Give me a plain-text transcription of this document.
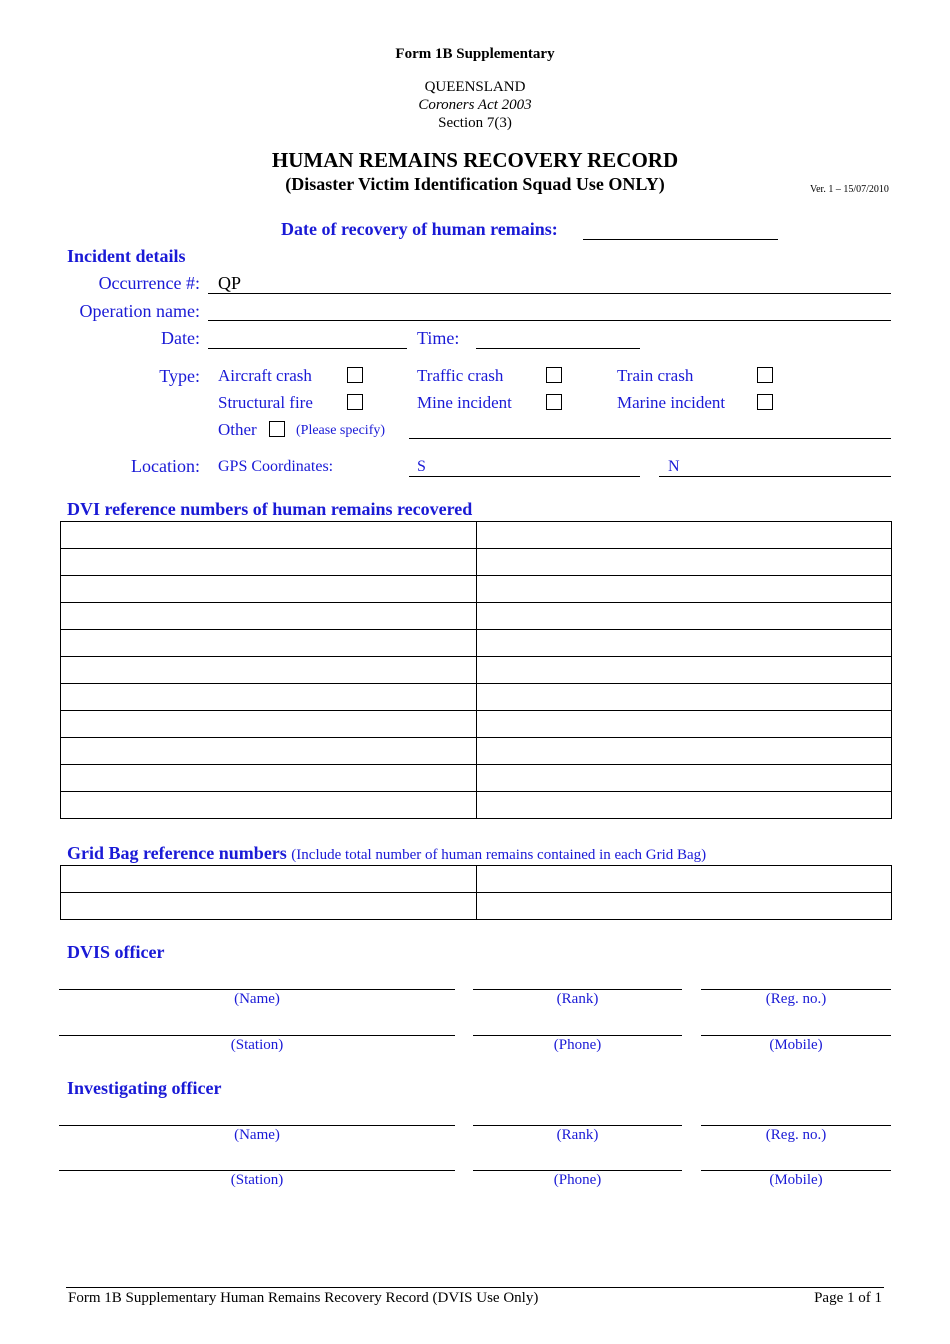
Form 1B Supplementary
QUEENSLAND
Coroners Act 2003
Section 7(3)
HUMAN REMAINS RECOVERY RECORD
(Disaster Victim Identification Squad Use ONLY)	Ver. 1 – 15/07/2010
Date of recovery of human remains:
Incident details
Occurrence #: QP
Operation name:
Date:	Time:
Type: Aircraft crash	Traffic crash	Train crash
Structural fire	Mine incident	Marine incident
Other	(Please specify)
Location: GPS Coordinates:	S	N
DVI reference numbers of human remains recovered

Grid Bag reference numbers (Include total number of human remains contained in each Grid Bag)

DVIS officer
(Name)	(Rank)	(Reg. no.)
(Station)	(Phone)	(Mobile)
Investigating officer
(Name)	(Rank)	(Reg. no.)
(Station)	(Phone)	(Mobile)
Form 1B Supplementary Human Remains Recovery Record (DVIS Use Only)	Page 1 of 1
